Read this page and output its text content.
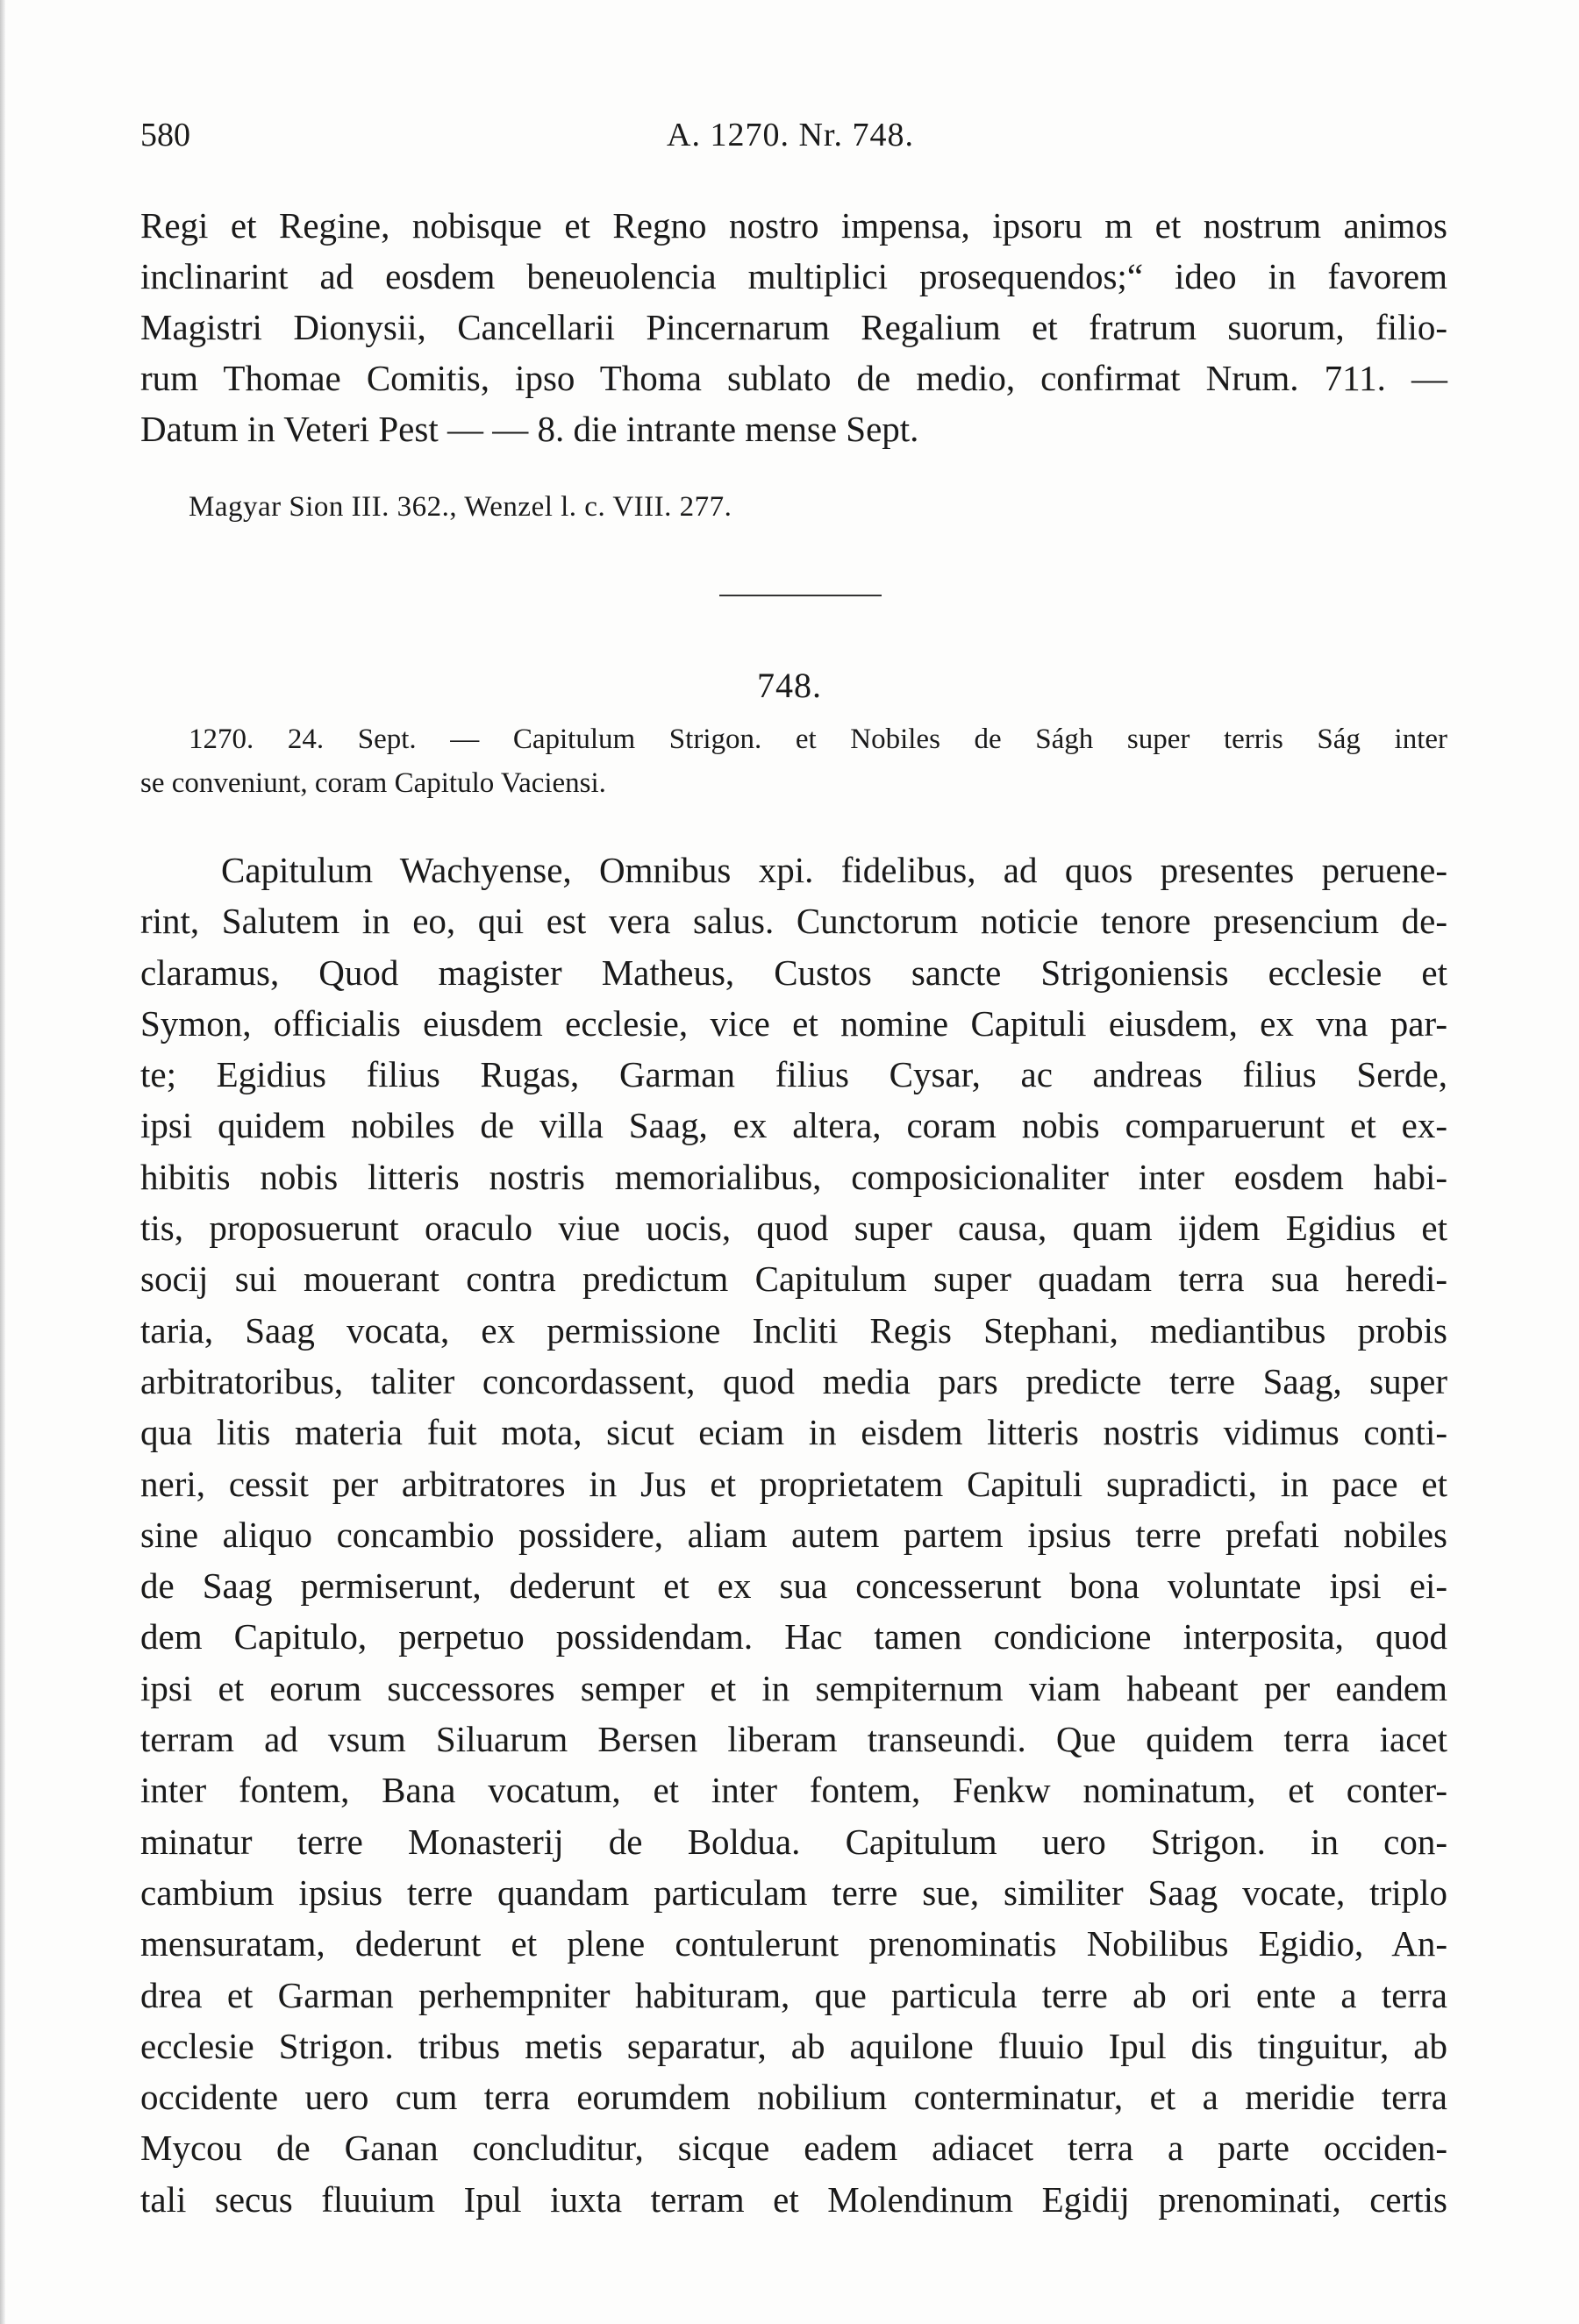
580	A. 1270. Nr. 748.
Regi et Regine, nobisque et Regno nostro impensa, ipsoru m et nostrum animos
inclinarint ad eosdem beneuolencia multiplici prosequendos;“ ideo in favorem
Magistri Dionysii, Cancellarii Pincernarum Regalium et fratrum suorum, filio-
rum Thomae Comitis, ipso Thoma sublato de medio, confirmat Nrum. 711. —
Datum in Veteri Pest — — 8. die intrante mense Sept.
Magyar Sion III. 362., Wenzel l. c. VIII. 277.
748.
1270. 24. Sept. — Capitulum Strigon. et Nobiles de Ságh super terris Ság inter
se conveniunt, coram Capitulo Vaciensi.
Capitulum Wachyense, Omnibus xpi. fidelibus, ad quos presentes peruene-
rint, Salutem in eo, qui est vera salus. Cunctorum noticie tenore presencium de-
claramus, Quod magister Matheus, Custos sancte Strigoniensis ecclesie et
Symon, officialis eiusdem ecclesie, vice et nomine Capituli eiusdem, ex vna par-
te; Egidius filius Rugas, Garman filius Cysar, ac andreas filius Serde,
ipsi quidem nobiles de villa Saag, ex altera, coram nobis comparuerunt et ex-
hibitis nobis litteris nostris memorialibus, composicionaliter inter eosdem habi-
tis, proposuerunt oraculo viue uocis, quod super causa, quam ijdem Egidius et
socij sui mouerant contra predictum Capitulum super quadam terra sua heredi-
taria, Saag vocata, ex permissione Incliti Regis Stephani, mediantibus probis
arbitratoribus, taliter concordassent, quod media pars predicte terre Saag, super
qua litis materia fuit mota, sicut eciam in eisdem litteris nostris vidimus conti-
neri, cessit per arbitratores in Jus et proprietatem Capituli supradicti, in pace et
sine aliquo concambio possidere, aliam autem partem ipsius terre prefati nobiles
de Saag permiserunt, dederunt et ex sua concesserunt bona voluntate ipsi ei-
dem Capitulo, perpetuo possidendam. Hac tamen condicione interposita, quod
ipsi et eorum successores semper et in sempiternum viam habeant per eandem
terram ad vsum Siluarum Bersen liberam transeundi. Que quidem terra iacet
inter fontem, Bana vocatum, et inter fontem, Fenkw nominatum, et conter-
minatur terre Monasterij de Boldua. Capitulum uero Strigon. in con-
cambium ipsius terre quandam particulam terre sue, similiter Saag vocate, triplo
mensuratam, dederunt et plene contulerunt prenominatis Nobilibus Egidio, An-
drea et Garman perhempniter habituram, que particula terre ab ori ente a terra
ecclesie Strigon. tribus metis separatur, ab aquilone fluuio Ipul dis tinguitur, ab
occidente uero cum terra eorumdem nobilium conterminatur, et a meridie terra
Mycou de Ganan concluditur, sicque eadem adiacet terra a parte occiden-
tali secus fluuium Ipul iuxta terram et Molendinum Egidij prenominati, certis
